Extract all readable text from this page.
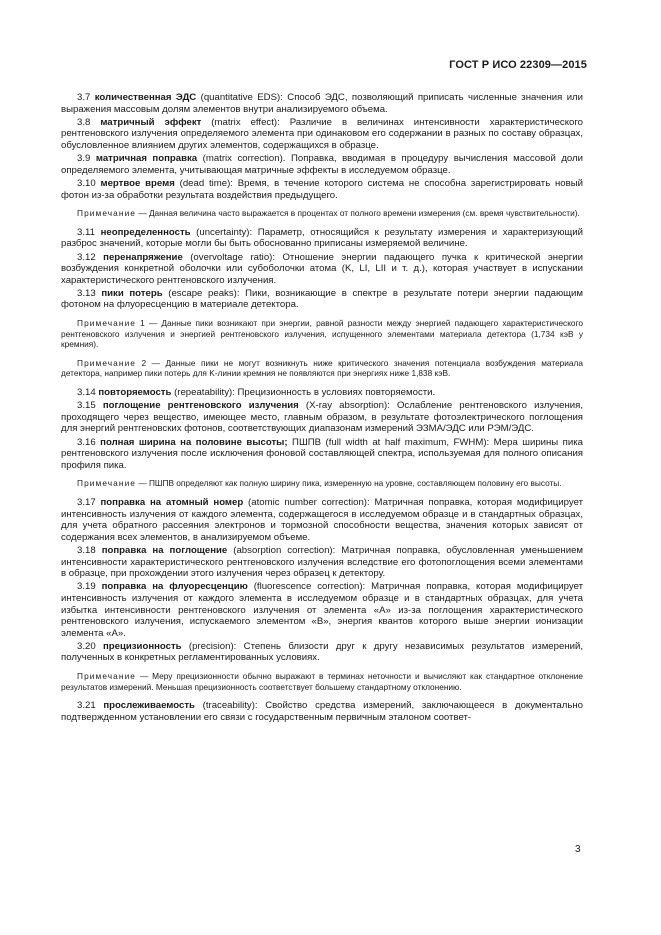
ГОСТ Р ИСО 22309—2015

3.7 количественная ЭДС (quantitative EDS): Способ ЭДС, позволяющий приписать численные значения или выражения массовым долям элементов внутри анализируемого объема.

3.8 матричный эффект (matrix effect): Различие в величинах интенсивности характеристического рентгеновского излучения определяемого элемента при одинаковом его содержании в разных по составу образцах, обусловленное влиянием других элементов, содержащихся в образце.

3.9 матричная поправка (matrix correction). Поправка, вводимая в процедуру вычисления массовой доли определяемого элемента, учитывающая матричные эффекты в исследуемом образце.

3.10 мертвое время (dead time): Время, в течение которого система не способна зарегистрировать новый фотон из-за обработки результата воздействия предыдущего.

Примечание — Данная величина часто выражается в процентах от полного времени измерения (см. время чувствительности).

3.11 неопределенность (uncertainty): Параметр, относящийся к результату измерения и характеризующий разброс значений, которые могли бы быть обоснованно приписаны измеряемой величине.

3.12 перенапряжение (overvoltage ratio): Отношение энергии падающего пучка к критической энергии возбуждения конкретной оболочки или субоболочки атома (K, LI, LII и т. д.), которая участвует в испускании характеристического рентгеновского излучения.

3.13 пики потерь (escape peaks): Пики, возникающие в спектре в результате потери энергии падающим фотоном на флуоресценцию в материале детектора.

Примечание 1 — Данные пики возникают при энергии, равной разности между энергией падающего характеристического рентгеновского излучения и энергией рентгеновского излучения, испущенного элементами материала детектора (1,734 кэВ у кремния).

Примечание 2 — Данные пики не могут возникнуть ниже критического значения потенциала возбуждения материала детектора, например пики потерь для K-линии кремния не появляются при энергиях ниже 1,838 кэВ.

3.14 повторяемость (repeatability): Прецизионность в условиях повторяемости.

3.15 поглощение рентгеновского излучения (X-ray absorption): Ослабление рентгеновского излучения, проходящего через вещество, имеющее место, главным образом, в результате фотоэлектрического поглощения для энергий рентгеновских фотонов, соответствующих диапазонам измерений ЭЗМА/ЭДС или РЭМ/ЭДС.

3.16 полная ширина на половине высоты; ПШПВ (full width at half maximum, FWHM): Мера ширины пика рентгеновского излучения после исключения фоновой составляющей спектра, используемая для полного описания профиля пика.

Примечание — ПШПВ определяют как полную ширину пика, измеренную на уровне, составляющем половину его высоты.

3.17 поправка на атомный номер (atomic number correction): Матричная поправка, которая модифицирует интенсивность излучения от каждого элемента, содержащегося в исследуемом образце и в стандартных образцах, для учета обратного рассеяния электронов и тормозной способности вещества, значения которых зависят от содержания всех элементов, в анализируемом объеме.

3.18 поправка на поглощение (absorption correction): Матричная поправка, обусловленная уменьшением интенсивности характеристического рентгеновского излучения вследствие его фотопоглощения всеми элементами в образце, при прохождении этого излучения через образец к детектору.

3.19 поправка на флуоресценцию (fluorescence correction): Матричная поправка, которая модифицирует интенсивность излучения от каждого элемента в исследуемом образце и в стандартных образцах, для учета избытка интенсивности рентгеновского излучения от элемента «A» из-за поглощения характеристического рентгеновского излучения, испускаемого элементом «B», энергия квантов которого выше энергии ионизации элемента «A».

3.20 прецизионность (precision): Степень близости друг к другу независимых результатов измерений, полученных в конкретных регламентированных условиях.

Примечание — Меру прецизионности обычно выражают в терминах неточности и вычисляют как стандартное отклонение результатов измерений. Меньшая прецизионность соответствует большему стандартному отклонению.

3.21 прослеживаемость (traceability): Свойство средства измерений, заключающееся в документально подтвержденном установлении его связи с государственным первичным эталоном соответ-

3
